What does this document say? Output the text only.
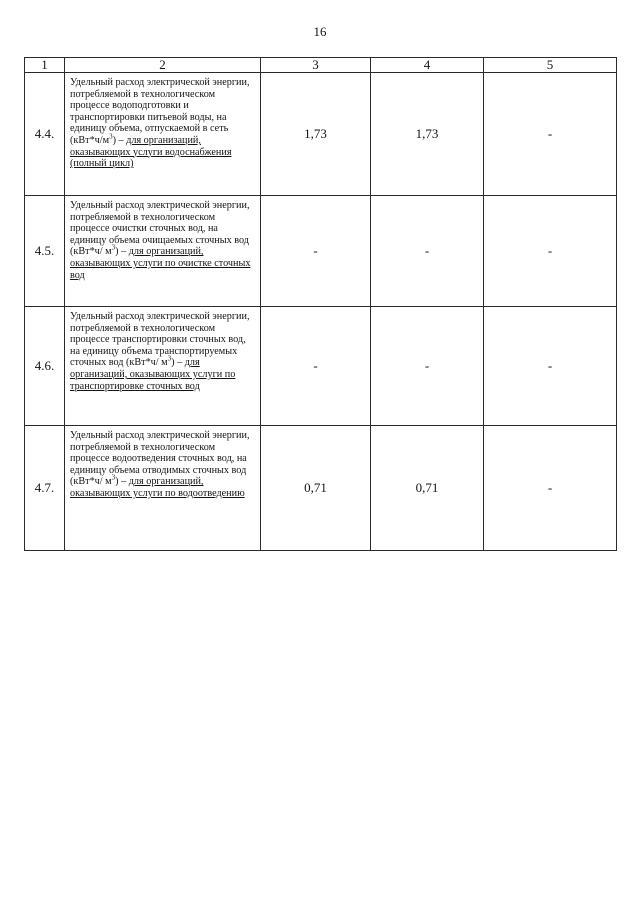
16
1	2	3	4	5
4.4.	Удельный расход электрической энергии, потребляемой в технологическом процессе водоподготовки и транспортировки питьевой воды, на единицу объема, отпускаемой в сеть $(кВт*ч/м^3)$ – для организаций, оказывающих услуги водоснабжения (полный цикл)	1,73	1,73	-
4.5.	Удельный расход электрической энергии, потребляемой в технологическом процессе очистки сточных вод, на единицу объема очищаемых сточных вод (кВт*ч/ $м^3$) – для организаций, оказывающих услуги по очистке сточных вод	-	-	-
4.6.	Удельный расход электрической энергии, потребляемой в технологическом процессе транспортировки сточных вод, на единицу объема транспортируемых сточных вод (кВт*ч/ $м^3$) – для организаций, оказывающих услуги по транспортировке сточных вод	-	-	-
4.7.	Удельный расход электрической энергии, потребляемой в технологическом процессе водоотведения сточных вод, на единицу объема отводимых сточных вод (кВт*ч/ $м^3$) – для организаций, оказывающих услуги по водоотведению	0,71	0,71	-
